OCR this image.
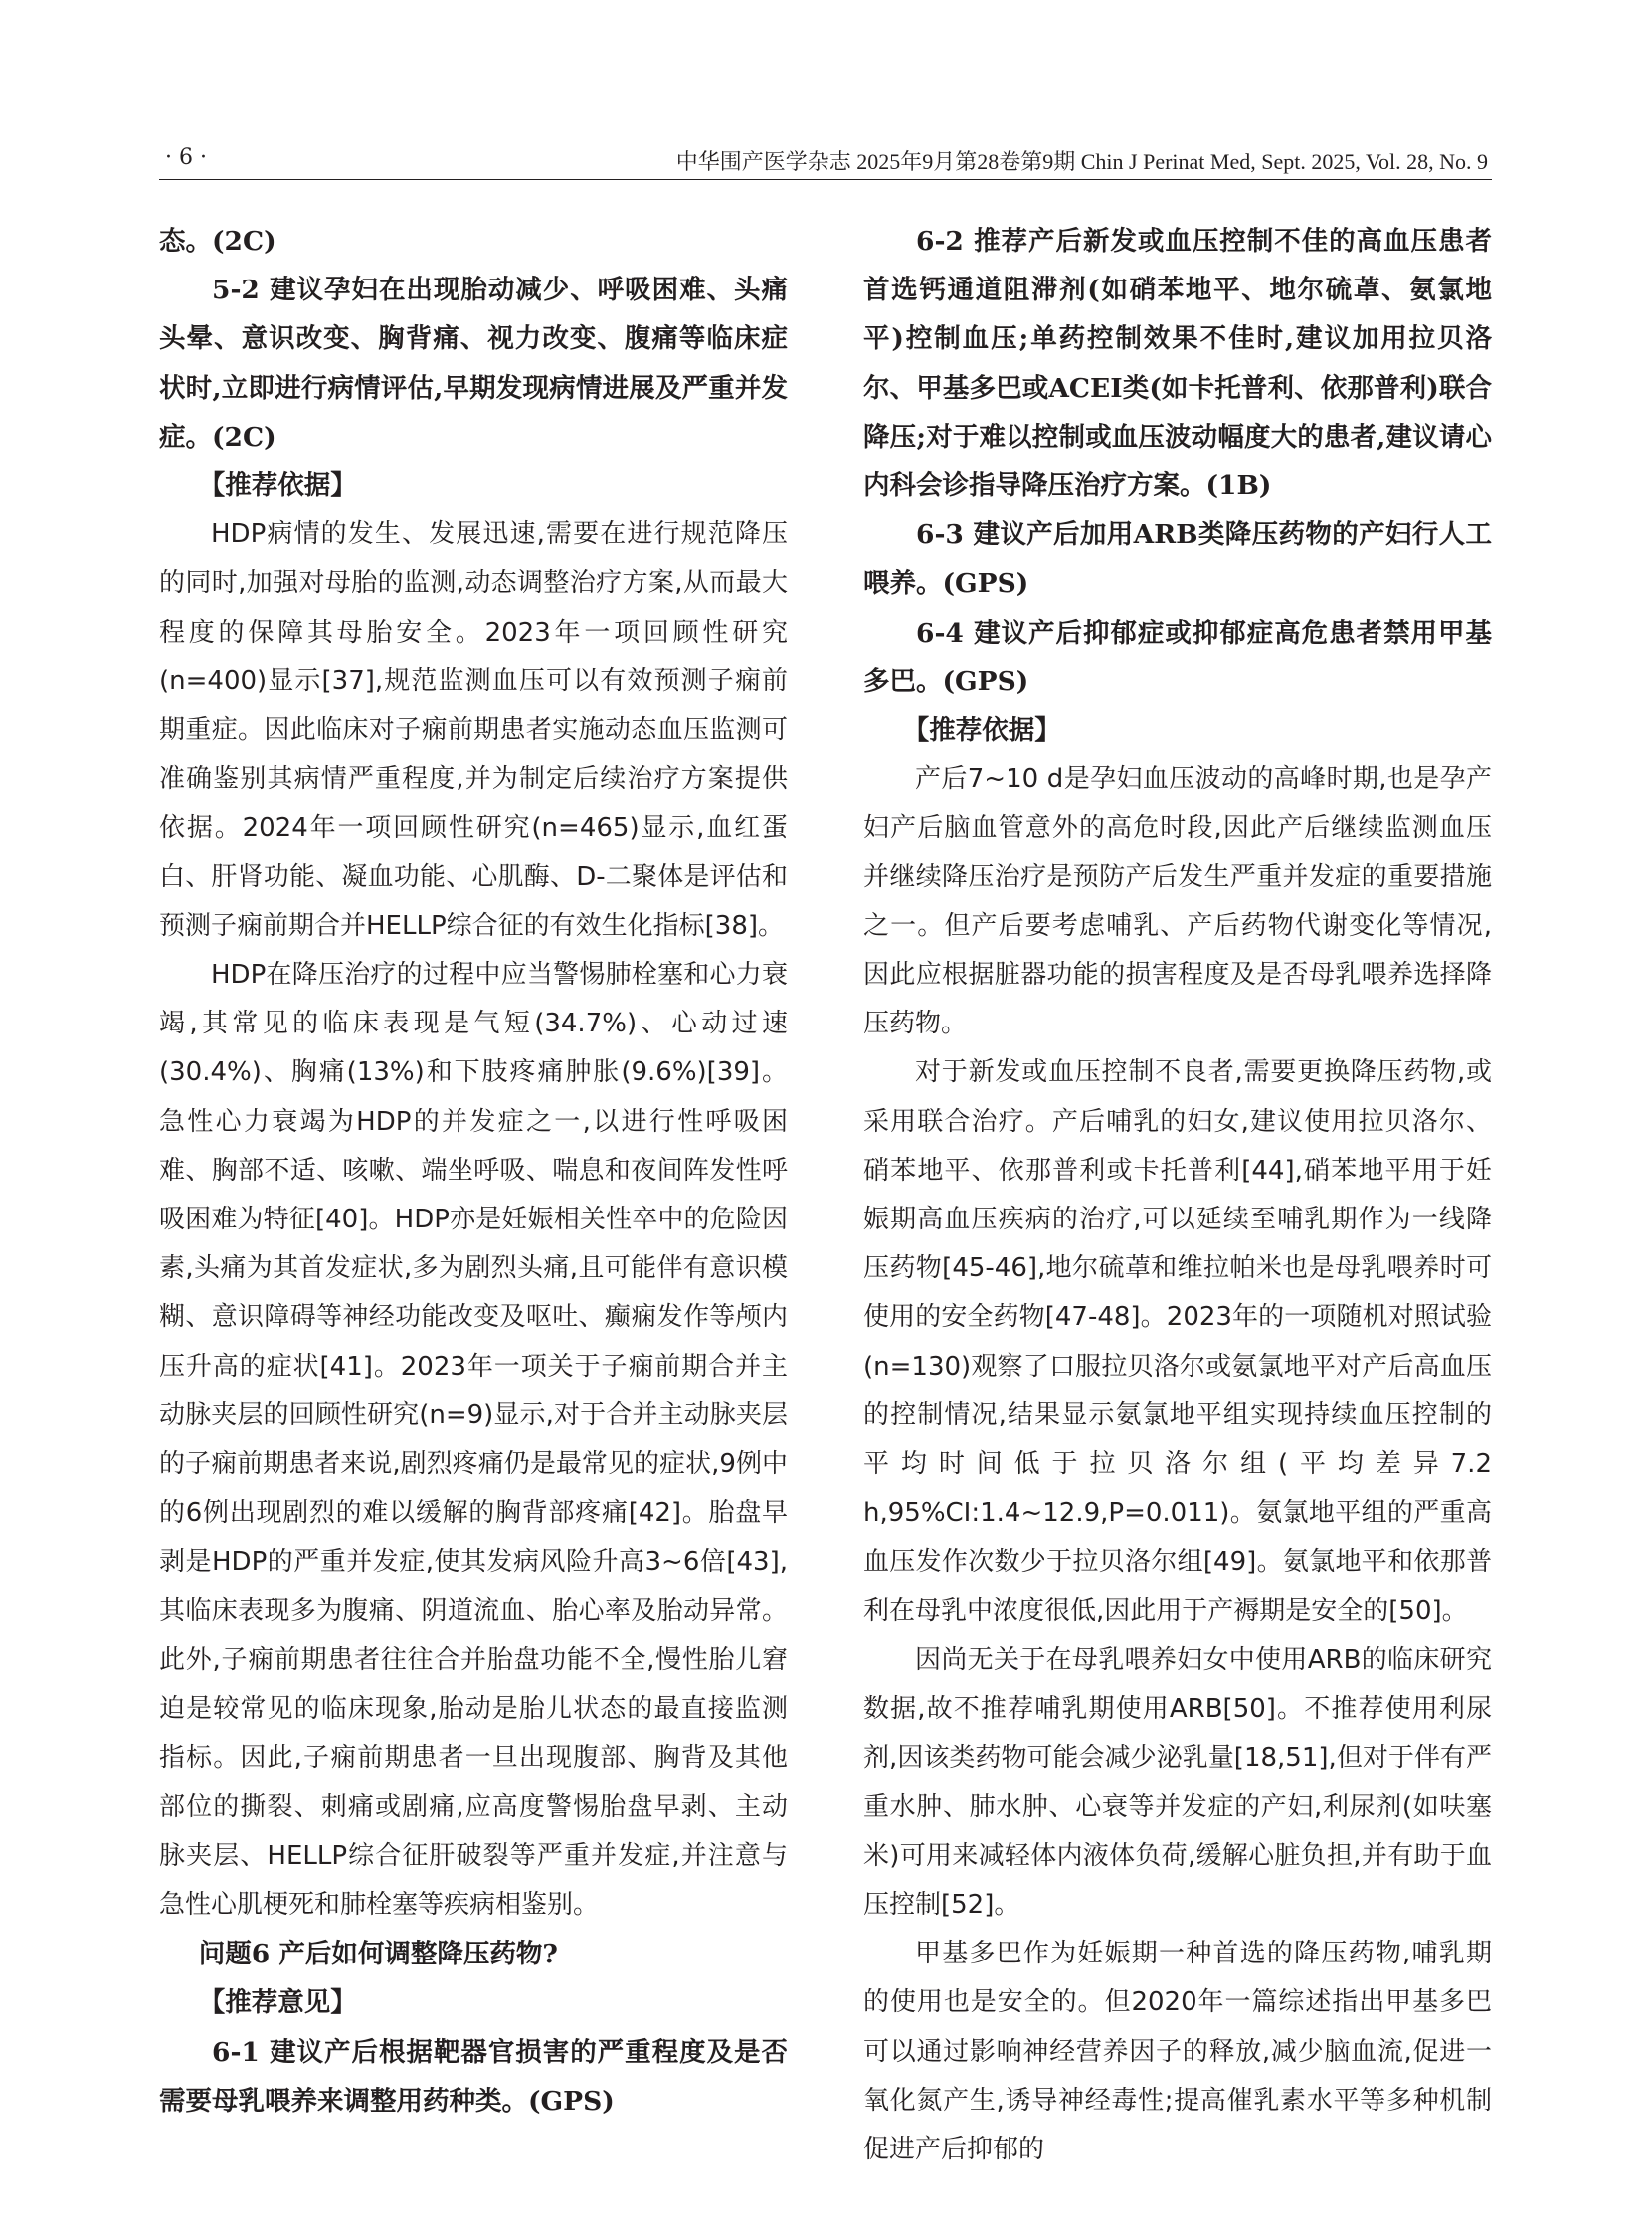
· 6 ·	中华围产医学杂志 2025年9月第28卷第9期 Chin J Perinat Med, Sept. 2025, Vol. 28, No. 9

态。(2C)

5-2 建议孕妇在出现胎动减少、呼吸困难、头痛头晕、意识改变、胸背痛、视力改变、腹痛等临床症状时,立即进行病情评估,早期发现病情进展及严重并发症。(2C)

【推荐依据】

HDP病情的发生、发展迅速,需要在进行规范降压的同时,加强对母胎的监测,动态调整治疗方案,从而最大程度的保障其母胎安全。2023年一项回顾性研究(n=400)显示[37],规范监测血压可以有效预测子痫前期重症。因此临床对子痫前期患者实施动态血压监测可准确鉴别其病情严重程度,并为制定后续治疗方案提供依据。2024年一项回顾性研究(n=465)显示,血红蛋白、肝肾功能、凝血功能、心肌酶、D-二聚体是评估和预测子痫前期合并HELLP综合征的有效生化指标[38]。

HDP在降压治疗的过程中应当警惕肺栓塞和心力衰竭,其常见的临床表现是气短(34.7%)、心动过速(30.4%)、胸痛(13%)和下肢疼痛肿胀(9.6%)[39]。急性心力衰竭为HDP的并发症之一,以进行性呼吸困难、胸部不适、咳嗽、端坐呼吸、喘息和夜间阵发性呼吸困难为特征[40]。HDP亦是妊娠相关性卒中的危险因素,头痛为其首发症状,多为剧烈头痛,且可能伴有意识模糊、意识障碍等神经功能改变及呕吐、癫痫发作等颅内压升高的症状[41]。2023年一项关于子痫前期合并主动脉夹层的回顾性研究(n=9)显示,对于合并主动脉夹层的子痫前期患者来说,剧烈疼痛仍是最常见的症状,9例中的6例出现剧烈的难以缓解的胸背部疼痛[42]。胎盘早剥是HDP的严重并发症,使其发病风险升高3~6倍[43],其临床表现多为腹痛、阴道流血、胎心率及胎动异常。此外,子痫前期患者往往合并胎盘功能不全,慢性胎儿窘迫是较常见的临床现象,胎动是胎儿状态的最直接监测指标。因此,子痫前期患者一旦出现腹部、胸背及其他部位的撕裂、刺痛或剧痛,应高度警惕胎盘早剥、主动脉夹层、HELLP综合征肝破裂等严重并发症,并注意与急性心肌梗死和肺栓塞等疾病相鉴别。

问题6 产后如何调整降压药物?

【推荐意见】

6-1 建议产后根据靶器官损害的严重程度及是否需要母乳喂养来调整用药种类。(GPS)

6-2 推荐产后新发或血压控制不佳的高血压患者首选钙通道阻滞剂(如硝苯地平、地尔硫䓬、氨氯地平)控制血压;单药控制效果不佳时,建议加用拉贝洛尔、甲基多巴或ACEI类(如卡托普利、依那普利)联合降压;对于难以控制或血压波动幅度大的患者,建议请心内科会诊指导降压治疗方案。(1B)

6-3 建议产后加用ARB类降压药物的产妇行人工喂养。(GPS)

6-4 建议产后抑郁症或抑郁症高危患者禁用甲基多巴。(GPS)

【推荐依据】

产后7~10 d是孕妇血压波动的高峰时期,也是孕产妇产后脑血管意外的高危时段,因此产后继续监测血压并继续降压治疗是预防产后发生严重并发症的重要措施之一。但产后要考虑哺乳、产后药物代谢变化等情况,因此应根据脏器功能的损害程度及是否母乳喂养选择降压药物。

对于新发或血压控制不良者,需要更换降压药物,或采用联合治疗。产后哺乳的妇女,建议使用拉贝洛尔、硝苯地平、依那普利或卡托普利[44],硝苯地平用于妊娠期高血压疾病的治疗,可以延续至哺乳期作为一线降压药物[45-46],地尔硫䓬和维拉帕米也是母乳喂养时可使用的安全药物[47-48]。2023年的一项随机对照试验(n=130)观察了口服拉贝洛尔或氨氯地平对产后高血压的控制情况,结果显示氨氯地平组实现持续血压控制的平均时间低于拉贝洛尔组(平均差异7.2 h,95%CI:1.4~12.9,P=0.011)。氨氯地平组的严重高血压发作次数少于拉贝洛尔组[49]。氨氯地平和依那普利在母乳中浓度很低,因此用于产褥期是安全的[50]。

因尚无关于在母乳喂养妇女中使用ARB的临床研究数据,故不推荐哺乳期使用ARB[50]。不推荐使用利尿剂,因该类药物可能会减少泌乳量[18,51],但对于伴有严重水肿、肺水肿、心衰等并发症的产妇,利尿剂(如呋塞米)可用来减轻体内液体负荷,缓解心脏负担,并有助于血压控制[52]。

甲基多巴作为妊娠期一种首选的降压药物,哺乳期的使用也是安全的。但2020年一篇综述指出甲基多巴可以通过影响神经营养因子的释放,减少脑血流,促进一氧化氮产生,诱导神经毒性;提高催乳素水平等多种机制促进产后抑郁的
